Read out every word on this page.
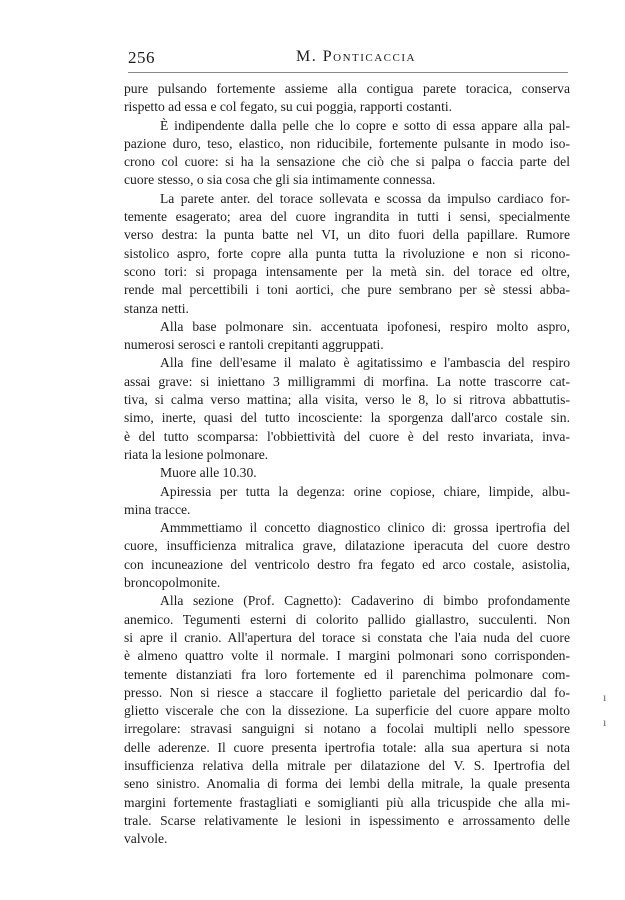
256	M. Ponticaccia
pure pulsando fortemente assieme alla contigua parete toracica, conserva
rispetto ad essa e col fegato, su cui poggia, rapporti costanti.
È indipendente dalla pelle che lo copre e sotto di essa appare alla pal-
pazione duro, teso, elastico, non riducibile, fortemente pulsante in modo iso-
crono col cuore: si ha la sensazione che ciò che si palpa o faccia parte del
cuore stesso, o sia cosa che gli sia intimamente connessa.
La parete anter. del torace sollevata e scossa da impulso cardiaco for-
temente esagerato; area del cuore ingrandita in tutti i sensi, specialmente
verso destra: la punta batte nel VI, un dito fuori della papillare. Rumore
sistolico aspro, forte copre alla punta tutta la rivoluzione e non si ricono-
scono tori: si propaga intensamente per la metà sin. del torace ed oltre,
rende mal percettibili i toni aortici, che pure sembrano per sè stessi abba-
stanza netti.
Alla base polmonare sin. accentuata ipofonesi, respiro molto aspro,
numerosi serosci e rantoli crepitanti aggruppati.
Alla fine dell'esame il malato è agitatissimo e l'ambascia del respiro
assai grave: si iniettano 3 milligrammi di morfina. La notte trascorre cat-
tiva, si calma verso mattina; alla visita, verso le 8, lo si ritrova abbattutis-
simo, inerte, quasi del tutto incosciente: la sporgenza dall'arco costale sin.
è del tutto scomparsa: l'obbiettività del cuore è del resto invariata, inva-
riata la lesione polmonare.
Muore alle 10.30.
Apiressia per tutta la degenza: orine copiose, chiare, limpide, albu-
mina tracce.
Ammmettiamo il concetto diagnostico clinico di: grossa ipertrofia del
cuore, insufficienza mitralica grave, dilatazione iperacuta del cuore destro
con incuneazione del ventricolo destro fra fegato ed arco costale, asistolia,
broncopolmonite.
Alla sezione (Prof. Cagnetto): Cadaverino di bimbo profondamente
anemico. Tegumenti esterni di colorito pallido giallastro, succulenti. Non
si apre il cranio. All'apertura del torace si constata che l'aia nuda del cuore
è almeno quattro volte il normale. I margini polmonari sono corrisponden-
temente distanziati fra loro fortemente ed il parenchima polmonare com-
presso. Non si riesce a staccare il foglietto parietale del pericardio dal fo-
glietto viscerale che con la dissezione. La superficie del cuore appare molto
irregolare: stravasi sanguigni si notano a focolai multipli nello spessore
delle aderenze. Il cuore presenta ipertrofia totale: alla sua apertura si nota
insufficienza relativa della mitrale per dilatazione del V. S. Ipertrofia del
seno sinistro. Anomalia di forma dei lembi della mitrale, la quale presenta
margini fortemente frastagliati e somiglianti più alla tricuspide che alla mi-
trale. Scarse relativamente le lesioni in ispessimento e arrossamento delle
valvole.
ı
ı
